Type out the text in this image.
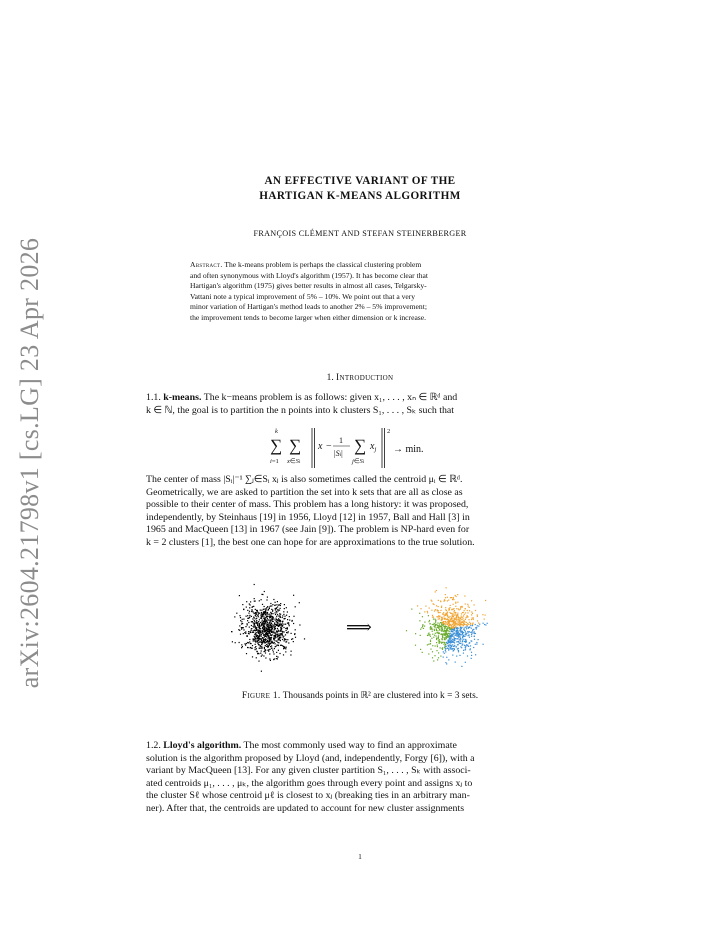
arXiv:2604.21798v1 [cs.LG] 23 Apr 2026
AN EFFECTIVE VARIANT OF THE
HARTIGAN K-MEANS ALGORITHM
FRANÇOIS CLÉMENT AND STEFAN STEINERBERGER
Abstract. The k-means problem is perhaps the classical clustering problem
and often synonymous with Lloyd's algorithm (1957). It has become clear that
Hartigan's algorithm (1975) gives better results in almost all cases, Telgarsky-
Vattani note a typical improvement of 5% – 10%. We point out that a very
minor variation of Hartigan's method leads to another 2% – 5% improvement;
the improvement tends to become larger when either dimension or k increase.
1. Introduction
1.1. k-means. The k−means problem is as follows: given x₁, . . . , xₙ ∈ ℝᵈ and
k ∈ ℕ, the goal is to partition the n points into k clusters S₁, . . . , Sₖ such that
k
∑
i=1
∑
x∈Si
x −
1
|Si| ∑
j∈Si
$x_j$
2
→ min.
The center of mass |Sᵢ|⁻¹ ∑ⱼ∈Sᵢ xⱼ is also sometimes called the centroid μᵢ ∈ ℝᵈ.
Geometrically, we are asked to partition the set into k sets that are all as close as
possible to their center of mass. This problem has a long history: it was proposed,
independently, by Steinhaus [19] in 1956, Lloyd [12] in 1957, Ball and Hall [3] in
1965 and MacQueen [13] in 1967 (see Jain [9]). The problem is NP-hard even for
k = 2 clusters [1], the best one can hope for are approximations to the true solution.
⟹
Figure 1. Thousands points in ℝ² are clustered into k = 3 sets.
1.2. Lloyd's algorithm. The most commonly used way to find an approximate
solution is the algorithm proposed by Lloyd (and, independently, Forgy [6]), with a
variant by MacQueen [13]. For any given cluster partition S₁, . . . , Sₖ with associ-
ated centroids μ₁, . . . , μₖ, the algorithm goes through every point and assigns xⱼ to
the cluster Sℓ whose centroid μℓ is closest to xⱼ (breaking ties in an arbitrary man-
ner). After that, the centroids are updated to account for new cluster assignments
1
